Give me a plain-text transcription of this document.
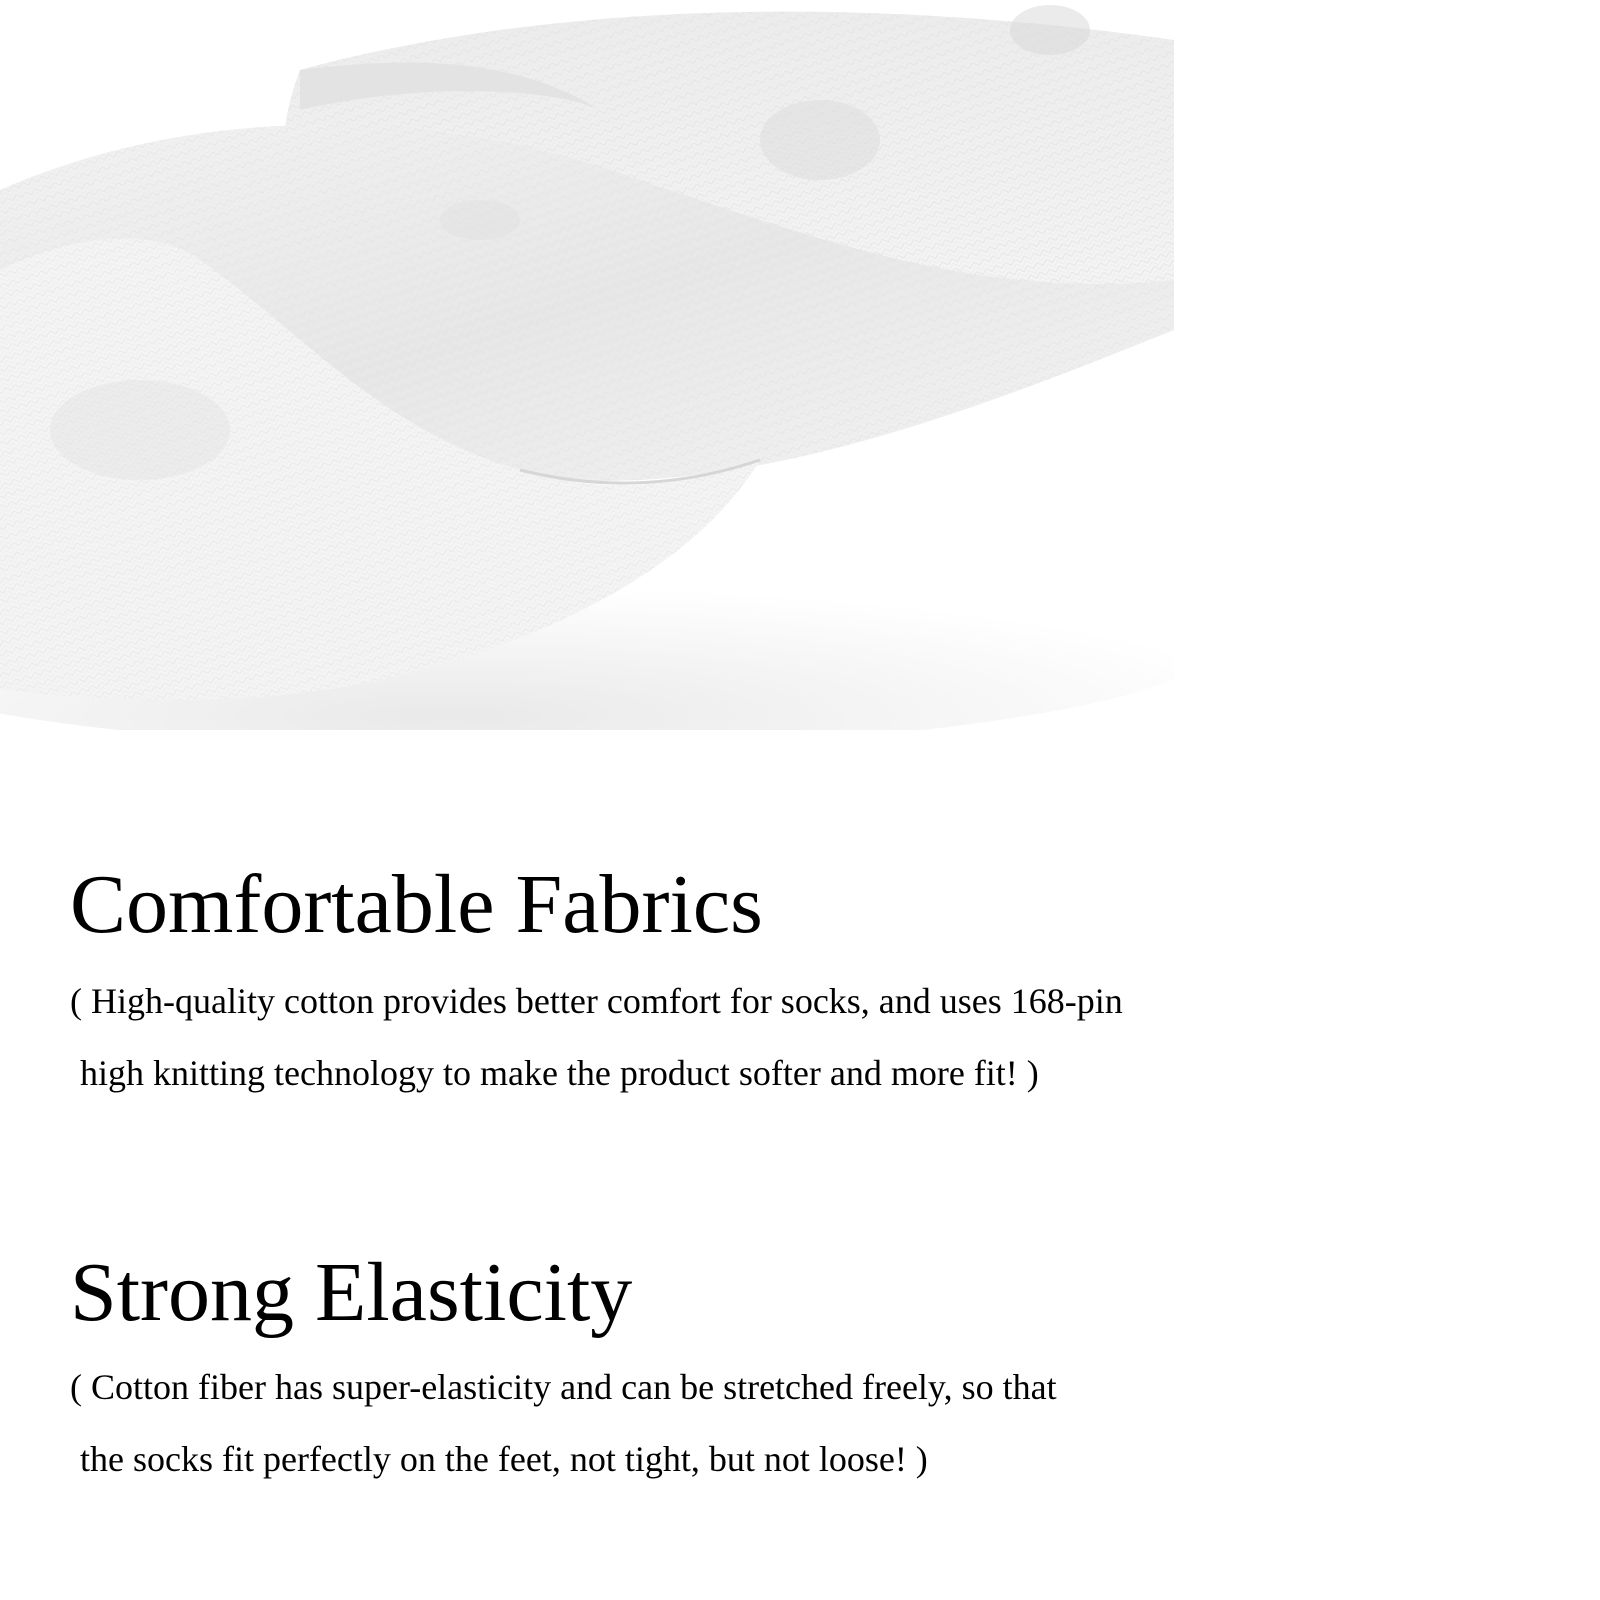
Comfortable Fabrics

( High-quality cotton provides better comfort for socks, and uses 168-pin
high knitting technology to make the product softer and more fit! )

Strong Elasticity

( Cotton fiber has super-elasticity and can be stretched freely, so that
the socks fit perfectly on the feet, not tight, but not loose! )
